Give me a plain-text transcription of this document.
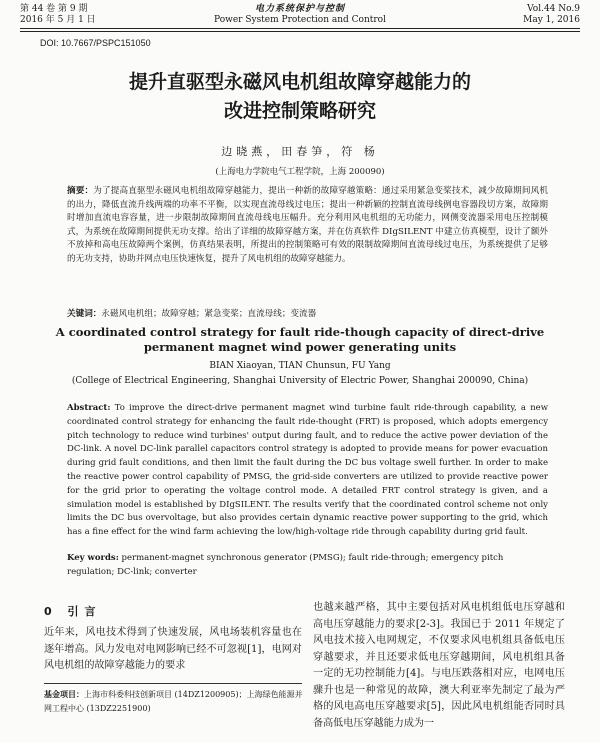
第 44 卷 第 9 期
2016 年 5 月 1 日
电力系统保护与控制
Power System Protection and Control
Vol.44 No.9
May 1, 2016
DOI: 10.7667/PSPC151050
提升直驱型永磁风电机组故障穿越能力的
改进控制策略研究
边晓燕，田春笋，符 杨
(上海电力学院电气工程学院，上海 200090)
摘要：为了提高直驱型永磁风电机组故障穿越能力，提出一种新的故障穿越策略：通过采用紧急变桨技术，减少故障期间风机的出力，降低直流升线两端的功率不平衡，以实现直流母线过电压；提出一种新颖的控制直流母线例电容器段切方案，故障期时增加直流电容容量，进一步限制故障期间直流母线电压幅升。充分利用风电机组的无功能力，网侧变流器采用电压控制模式，为系统在故障期间提供无功支撑。给出了详细的故障穿越方案，并在仿真软件 DIgSILENT 中建立仿真模型，设计了额外不放掉和高电压故障两个案例，仿真结果表明，所提出的控制策略可有效的限制故障期间直流母线过电压，为系统提供了足够的无功支持，协助并网点电压快速恢复，提升了风电机组的故障穿越能力。
关键词：永磁风电机组；故障穿越；紧急变桨；直流母线；变流器
A coordinated control strategy for fault ride-though capacity of direct-drive
permanent magnet wind power generating units
BIAN Xiaoyan, TIAN Chunsun, FU Yang
(College of Electrical Engineering, Shanghai University of Electric Power, Shanghai 200090, China)
Abstract: To improve the direct-drive permanent magnet wind turbine fault ride-through capability, a new coordinated control strategy for enhancing the fault ride-thought (FRT) is proposed, which adopts emergency pitch technology to reduce wind turbines' output during fault, and to reduce the active power deviation of the DC-link. A novel DC-link parallel capacitors control strategy is adopted to provide means for power evacuation during grid fault conditions, and then limit the fault during the DC bus voltage swell further. In order to make the reactive power control capability of PMSG, the grid-side converters are utilized to provide reactive power for the grid prior to operating the voltage control mode. A detailed FRT control strategy is given, and a simulation model is established by DIgSILENT. The results verify that the coordinated control scheme not only limits the DC bus overvoltage, but also provides certain dynamic reactive power supporting to the grid, which has a fine effect for the wind farm achieving the low/high-voltage ride through capability during grid fault.
Key words: permanent-magnet synchronous generator (PMSG); fault ride-through; emergency pitch regulation; DC-link; converter
0 引言
近年来，风电技术得到了快速发展，风电场装机容量也在逐年增高。风力发电对电网影响已经不可忽视[1]，电网对风电机组的故障穿越能力的要求
也越来越严格，其中主要包括对风电机组低电压穿越和高电压穿越能力的要求[2-3]。我国已于 2011 年规定了风电技术接入电网规定，不仅要求风电机组具备低电压穿越要求，并且还要求低电压穿越期间，风电机组具备一定的无功控制能力[4]。与电压跌落相对应，电网电压骤升也是一种常见的故障，澳大利亚率先制定了最为严格的风电高电压穿越要求[5]，因此风电机组能否同时具备高低电压穿越能力成为一
基金项目：上海市科委科技创新项目 (14DZ1200905)；上海绿色能源并网工程中心 (13DZ2251900)
